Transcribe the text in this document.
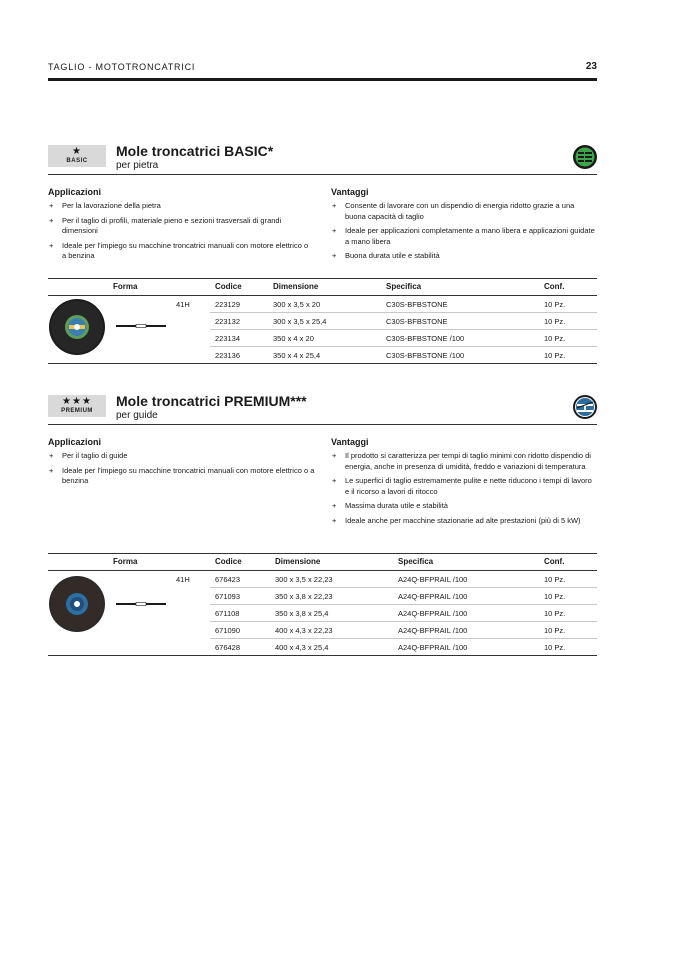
TAGLIO - MOTOTRONCATRICI	23
★
BASIC
Mole troncatrici BASIC*
per pietra
Applicazioni
+ Per la lavorazione della pietra
+ Per il taglio di profili, materiale pieno e sezioni trasversali di grandi dimensioni
+ Ideale per l'impiego su macchine troncatrici manuali con motore elettrico o a benzina
Vantaggi
+ Consente di lavorare con un dispendio di energia ridotto grazie a una buona capacità di taglio
+ Ideale per applicazioni completamente a mano libera e applicazioni guidate a mano libera
+ Buona durata utile e stabilità
Forma	Codice	Dimensione	Specifica	Conf.
41H	223129	300 x 3,5 x 20	C30S-BFBSTONE	10 Pz.
223132	300 x 3,5 x 25,4	C30S-BFBSTONE	10 Pz.
223134	350 x 4 x 20	C30S-BFBSTONE /100	10 Pz.
223136	350 x 4 x 25,4	C30S-BFBSTONE /100	10 Pz.
★★★
PREMIUM
Mole troncatrici PREMIUM***
per guide
Applicazioni
+ Per il taglio di guide
+ Ideale per l'impiego su macchine troncatrici manuali con motore elettrico o a benzina
Vantaggi
+ Il prodotto si caratterizza per tempi di taglio minimi con ridotto dispendio di energia, anche in presenza di umidità, freddo e variazioni di temperatura
+ Le superfici di taglio estremamente pulite e nette riducono i tempi di lavoro e il ricorso a lavori di ritocco
+ Massima durata utile e stabilità
+ Ideale anche per macchine stazionarie ad alte prestazioni (più di 5 kW)
Forma	Codice	Dimensione	Specifica	Conf.
41H	676423	300 x 3,5 x 22,23	A24Q-BFPRAIL /100	10 Pz.
671093	350 x 3,8 x 22,23	A24Q-BFPRAIL /100	10 Pz.
671108	350 x 3,8 x 25,4	A24Q-BFPRAIL /100	10 Pz.
671090	400 x 4,3 x 22,23	A24Q-BFPRAIL /100	10 Pz.
676428	400 x 4,3 x 25,4	A24Q-BFPRAIL /100	10 Pz.
